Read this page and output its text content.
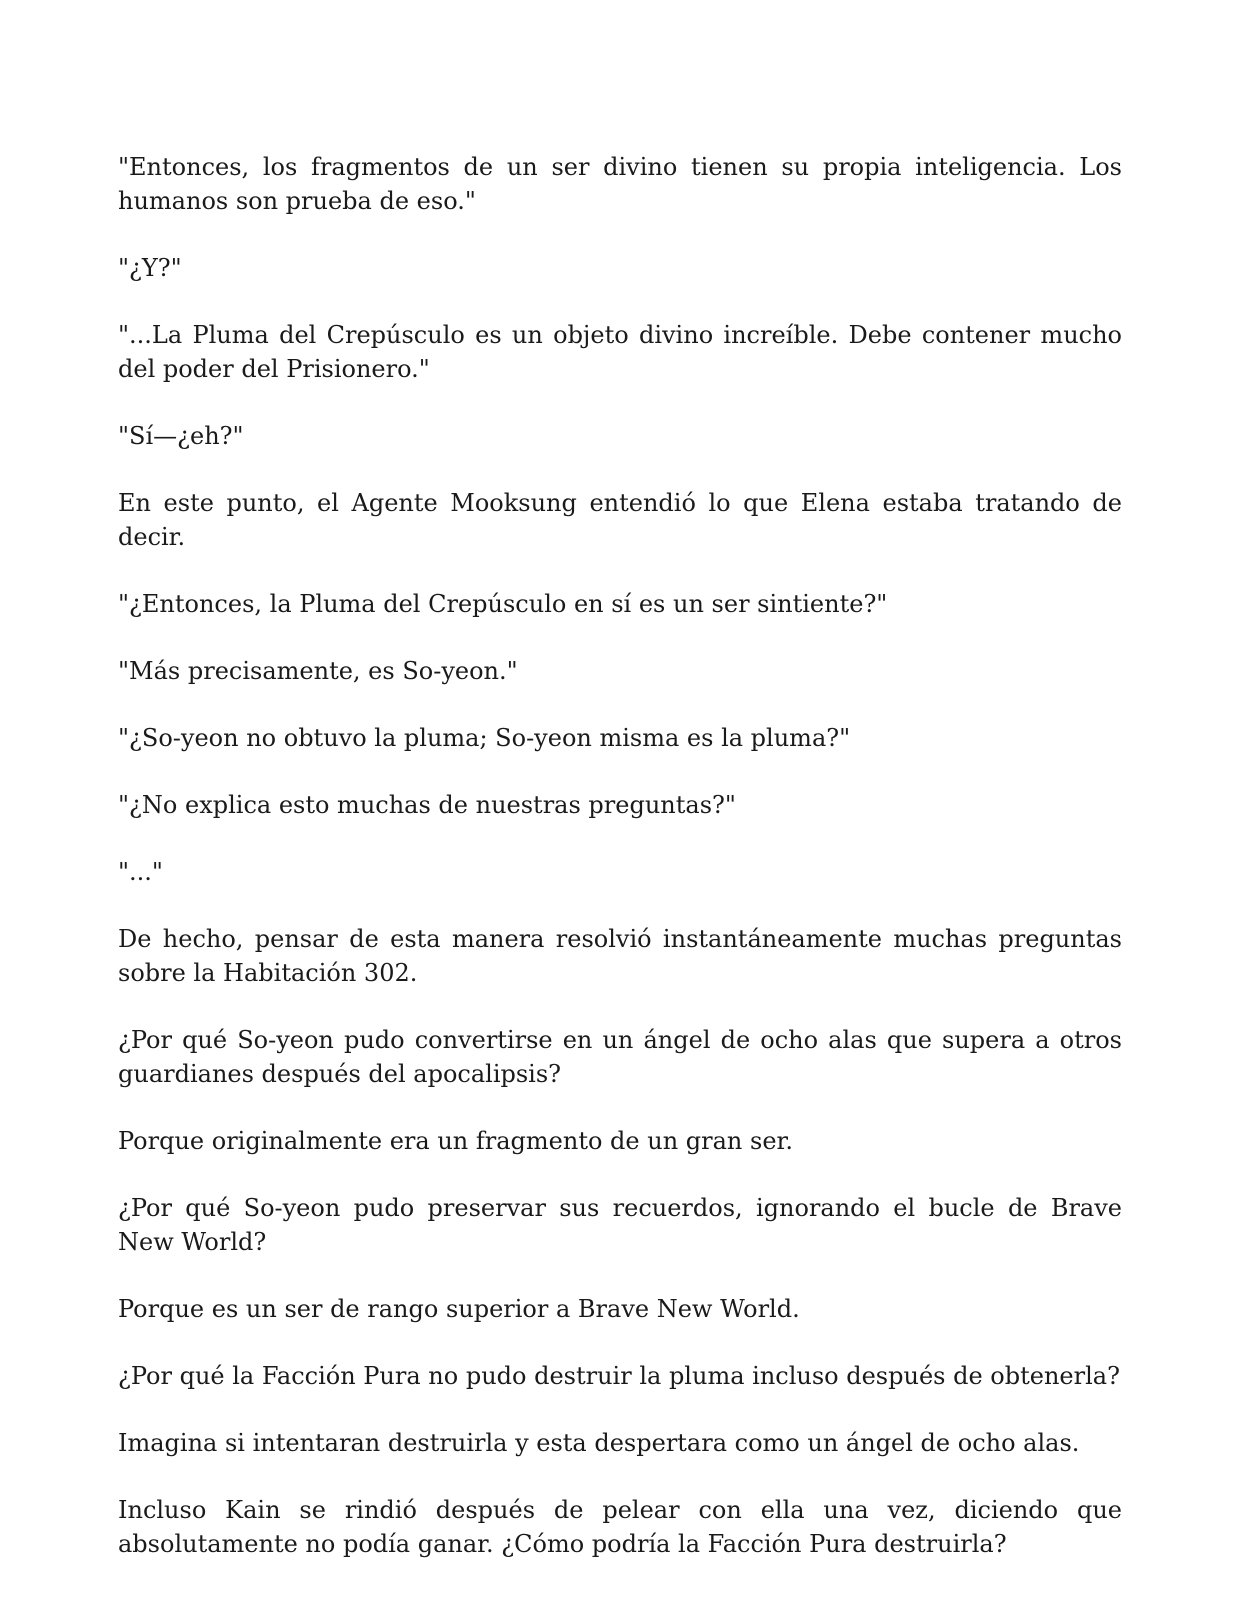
"Entonces, los fragmentos de un ser divino tienen su propia inteligencia. Los humanos son prueba de eso."

"¿Y?"

"...La Pluma del Crepúsculo es un objeto divino increíble. Debe contener mucho del poder del Prisionero."

"Sí—¿eh?"

En este punto, el Agente Mooksung entendió lo que Elena estaba tratando de decir.

"¿Entonces, la Pluma del Crepúsculo en sí es un ser sintiente?"

"Más precisamente, es So-yeon."

"¿So-yeon no obtuvo la pluma; So-yeon misma es la pluma?"

"¿No explica esto muchas de nuestras preguntas?"

"..."

De hecho, pensar de esta manera resolvió instantáneamente muchas preguntas sobre la Habitación 302.

¿Por qué So-yeon pudo convertirse en un ángel de ocho alas que supera a otros guardianes después del apocalipsis?

Porque originalmente era un fragmento de un gran ser.

¿Por qué So-yeon pudo preservar sus recuerdos, ignorando el bucle de Brave New World?

Porque es un ser de rango superior a Brave New World.

¿Por qué la Facción Pura no pudo destruir la pluma incluso después de obtenerla?

Imagina si intentaran destruirla y esta despertara como un ángel de ocho alas.

Incluso Kain se rindió después de pelear con ella una vez, diciendo que absolutamente no podía ganar. ¿Cómo podría la Facción Pura destruirla?
